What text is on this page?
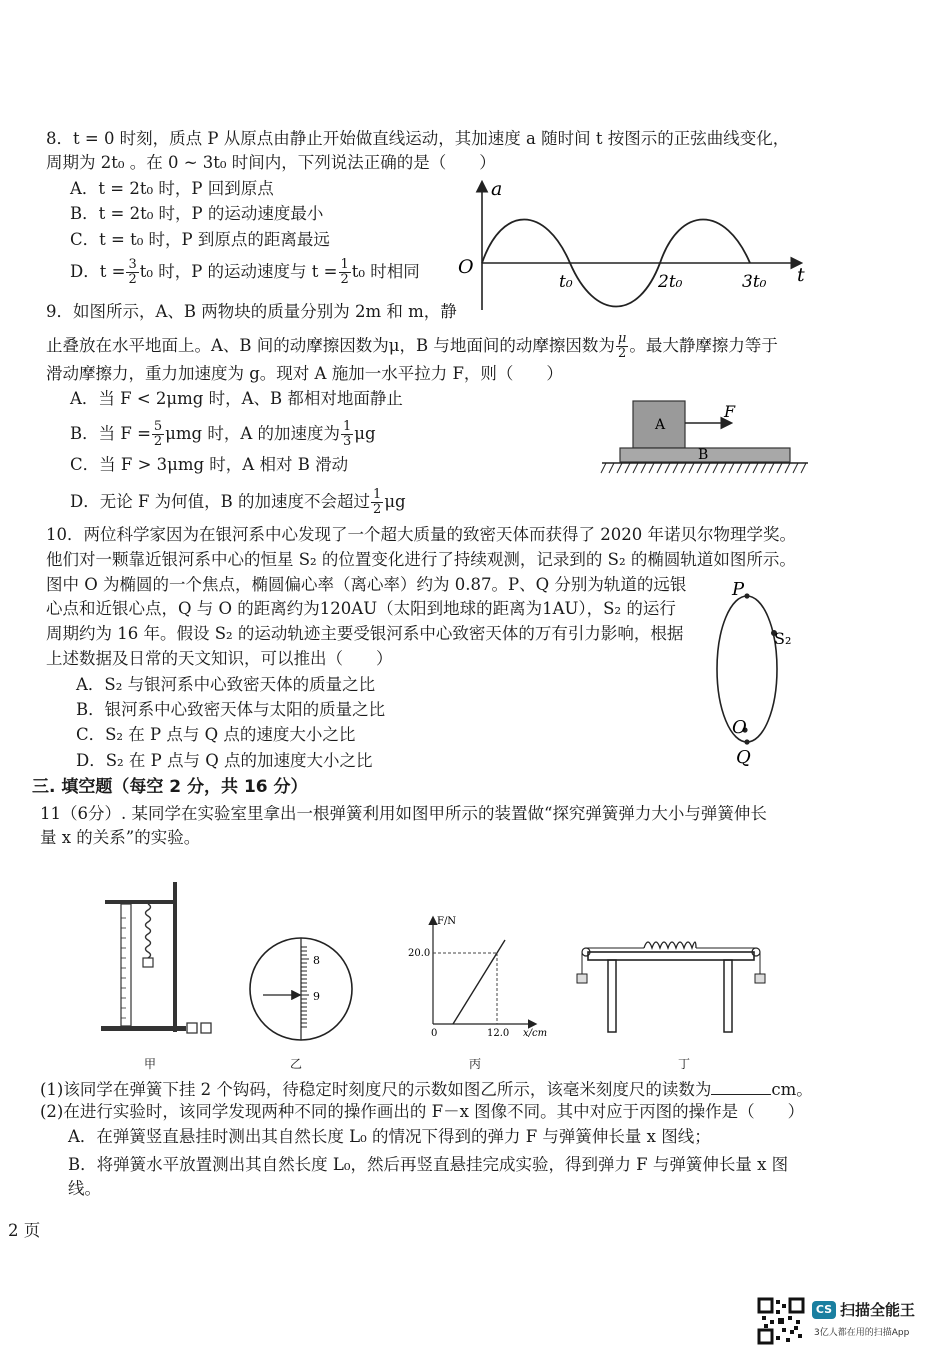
8．t = 0 时刻，质点 P 从原点由静止开始做直线运动，其加速度 a 随时间 t 按图示的正弦曲线变化，
周期为 2t₀ 。在 0 ~ 3t₀ 时间内，下列说法正确的是（　　）
A．t = 2t₀ 时，P 回到原点
B．t = 2t₀ 时，P 的运动速度最小
C．t = t₀ 时，P 到原点的距离最远
D．$t = \frac{3}{2} t_0$ 时，P 的运动速度与 $t = \frac{1}{2} t_0$ 时相同
a
O	t
t₀	2t₀	3t₀
9．如图所示，A、B 两物块的质量分别为 2m 和 m，静
止叠放在水平地面上。A、B 间的动摩擦因数为μ，B 与地面间的动摩擦因数为 $\frac{\mu}{2}$ 。最大静摩擦力等于
滑动摩擦力，重力加速度为 g。现对 A 施加一水平拉力 F，则（　　）
A．当 F < 2μmg 时，A、B 都相对地面静止
B．当 $F = \frac{5}{2}$ μmg 时，A 的加速度为 $\frac{1}{3}$ μg
C．当 F > 3μmg 时，A 相对 B 滑动
D．无论 F 为何值，B 的加速度不会超过 $\frac{1}{2}$ μg
A
B
F
10．两位科学家因为在银河系中心发现了一个超大质量的致密天体而获得了 2020 年诺贝尔物理学奖。
他们对一颗靠近银河系中心的恒星 S₂ 的位置变化进行了持续观测，记录到的 S₂ 的椭圆轨道如图所示。
图中 O 为椭圆的一个焦点，椭圆偏心率（离心率）约为 0.87。P、Q 分别为轨道的远银
心点和近银心点，Q 与 O 的距离约为120AU（太阳到地球的距离为1AU），S₂ 的运行
周期约为 16 年。假设 S₂ 的运动轨迹主要受银河系中心致密天体的万有引力影响，根据
上述数据及日常的天文知识，可以推出（　　）
A．S₂ 与银河系中心致密天体的质量之比
B．银河系中心致密天体与太阳的质量之比
C．S₂ 在 P 点与 Q 点的速度大小之比
D．S₂ 在 P 点与 Q 点的加速度大小之比
P
Q
O
S₂
三. 填空题（每空 2 分，共 16 分）
11（6分）. 某同学在实验室里拿出一根弹簧利用如图甲所示的装置做“探究弹簧弹力大小与弹簧伸长
量 x 的关系”的实验。
8
9
F/N
20.0
0	12.0 x/cm
甲	乙	丙	丁
(1)该同学在弹簧下挂 2 个钩码，待稳定时刻度尺的示数如图乙所示，该毫米刻度尺的读数为	cm。
(2)在进行实验时，该同学发现两种不同的操作画出的 F－x 图像不同。其中对应于丙图的操作是（　　）
A．在弹簧竖直悬挂时测出其自然长度 L₀ 的情况下得到的弹力 F 与弹簧伸长量 x 图线；
B．将弹簧水平放置测出其自然长度 L₀，然后再竖直悬挂完成实验，得到弹力 F 与弹簧伸长量 x 图
线。
2 页
CS 扫描全能王
3亿人都在用的扫描App
